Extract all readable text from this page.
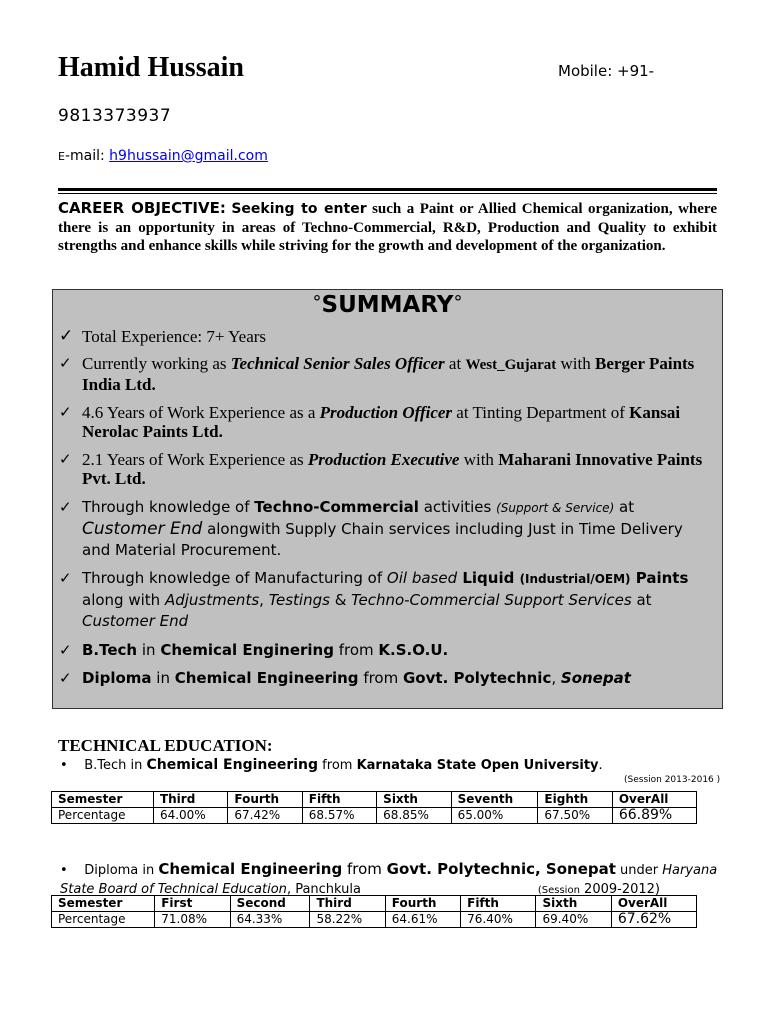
Hamid Hussain	Mobile: +91-
9813373937
E-mail: h9hussain@gmail.com
CAREER OBJECTIVE: Seeking to enter such a Paint or Allied Chemical organization, where there is an opportunity in areas of Techno-Commercial, R&D, Production and Quality to exhibit strengths and enhance skills while striving for the growth and development of the organization.
°SUMMARY°
✓ Total Experience: 7+ Years
✓ Currently working as Technical Senior Sales Officer at West_Gujarat with Berger Paints India Ltd.
✓ 4.6 Years of Work Experience as a Production Officer at Tinting Department of Kansai Nerolac Paints Ltd.
✓ 2.1 Years of Work Experience as Production Executive with Maharani Innovative Paints Pvt. Ltd.
✓ Through knowledge of Techno-Commercial activities (Support & Service) at Customer End alongwith Supply Chain services including Just in Time Delivery and Material Procurement.
✓ Through knowledge of Manufacturing of Oil based Liquid (Industrial/OEM) Paints along with Adjustments, Testings & Techno-Commercial Support Services at Customer End
✓ B.Tech in Chemical Enginering from K.S.O.U.
✓ Diploma in Chemical Engineering from Govt. Polytechnic, Sonepat
TECHNICAL EDUCATION:
• B.Tech in Chemical Engineering from Karnataka State Open University.
(Session 2013-2016 )
Semester	Third	Fourth	Fifth	Sixth	Seventh	Eighth	OverAll
Percentage	64.00%	67.42%	68.57%	68.85%	65.00%	67.50%	66.89%
• Diploma in Chemical Engineering from Govt. Polytechnic, Sonepat under Haryana State Board of Technical Education, Panchkula	(Session 2009-2012)
Semester	First	Second	Third	Fourth	Fifth	Sixth	OverAll
Percentage	71.08%	64.33%	58.22%	64.61%	76.40%	69.40%	67.62%
